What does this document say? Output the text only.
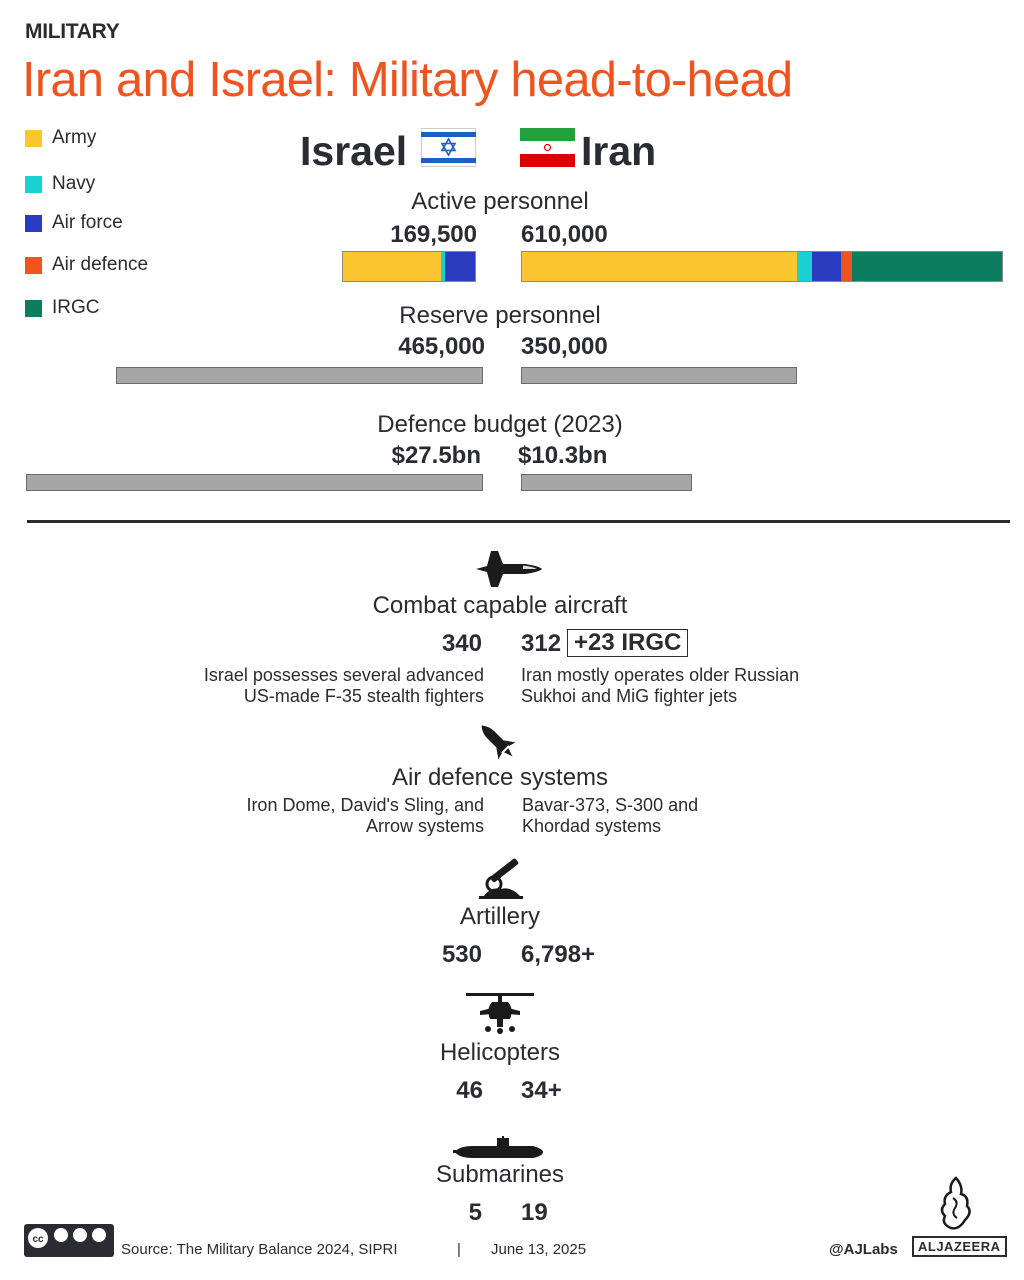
MILITARY
Iran and Israel: Military head-to-head
Army
Navy
Air force
Air defence
IRGC
Israel	Iran
Active personnel
169,500 610,000
Reserve personnel
465,000 350,000
Defence budget (2023)
$27.5bn $10.3bn
Combat capable aircraft
340 312 +23 IRGC
Israel possesses several advanced
US-made F-35 stealth fighters
Iran mostly operates older Russian
Sukhoi and MiG fighter jets
Air defence systems
Iron Dome, David's Sling, and
Arrow systems
Bavar-373, S-300 and
Khordad systems
Artillery
530 6,798+
Helicopters
46 34+
Submarines
5 19
cc
Source: The Military Balance 2024, SIPRI	| June 13, 2025	@AJLabs	ALJAZEERA
